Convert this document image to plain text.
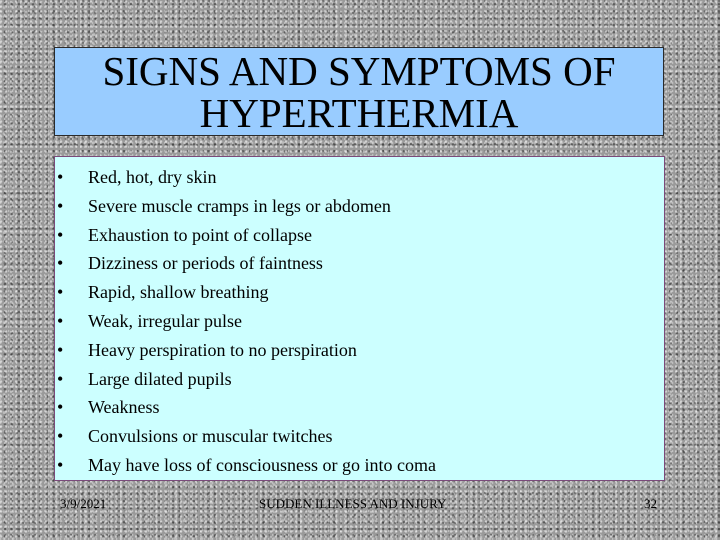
SIGNS AND SYMPTOMS OF
HYPERTHERMIA
• Red, hot, dry skin
• Severe muscle cramps in legs or abdomen
• Exhaustion to point of collapse
• Dizziness or periods of faintness
• Rapid, shallow breathing
• Weak, irregular pulse
• Heavy perspiration to no perspiration
• Large dilated pupils
• Weakness
• Convulsions or muscular twitches
• May have loss of consciousness or go into coma
3/9/2021	SUDDEN ILLNESS AND INJURY	32
